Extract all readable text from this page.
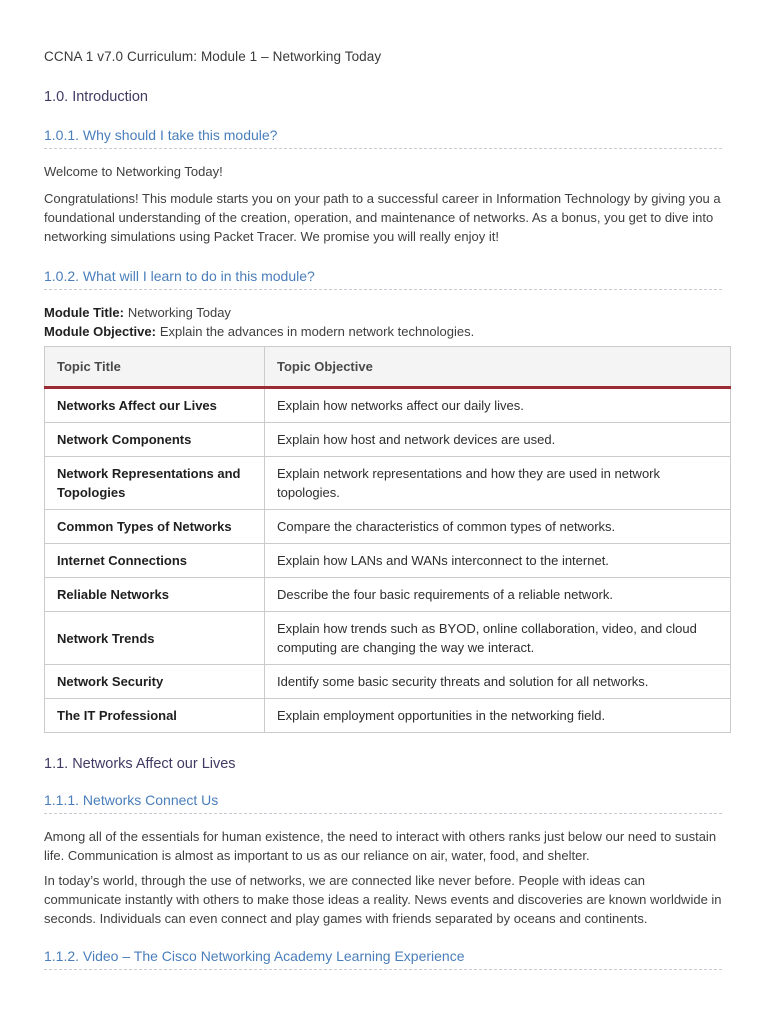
CCNA 1 v7.0 Curriculum: Module 1 – Networking Today
1.0. Introduction
1.0.1. Why should I take this module?

Welcome to Networking Today!

Congratulations! This module starts you on your path to a successful career in Information Technology by giving you a foundational understanding of the creation, operation, and maintenance of networks. As a bonus, you get to dive into networking simulations using Packet Tracer. We promise you will really enjoy it!

1.0.2. What will I learn to do in this module?
Module Title: Networking Today
Module Objective: Explain the advances in modern network technologies.
Topic Title	Topic Objective
Networks Affect our Lives	Explain how networks affect our daily lives.
Network Components	Explain how host and network devices are used.
Network Representations and Topologies	Explain network representations and how they are used in network topologies.
Common Types of Networks	Compare the characteristics of common types of networks.
Internet Connections	Explain how LANs and WANs interconnect to the internet.
Reliable Networks	Describe the four basic requirements of a reliable network.
Network Trends	Explain how trends such as BYOD, online collaboration, video, and cloud computing are changing the way we interact.
Network Security	Identify some basic security threats and solution for all networks.
The IT Professional	Explain employment opportunities in the networking field.
1.1. Networks Affect our Lives
1.1.1. Networks Connect Us

Among all of the essentials for human existence, the need to interact with others ranks just below our need to sustain life. Communication is almost as important to us as our reliance on air, water, food, and shelter.

In today’s world, through the use of networks, we are connected like never before. People with ideas can communicate instantly with others to make those ideas a reality. News events and discoveries are known worldwide in seconds. Individuals can even connect and play games with friends separated by oceans and continents.

1.1.2. Video – The Cisco Networking Academy Learning Experience
